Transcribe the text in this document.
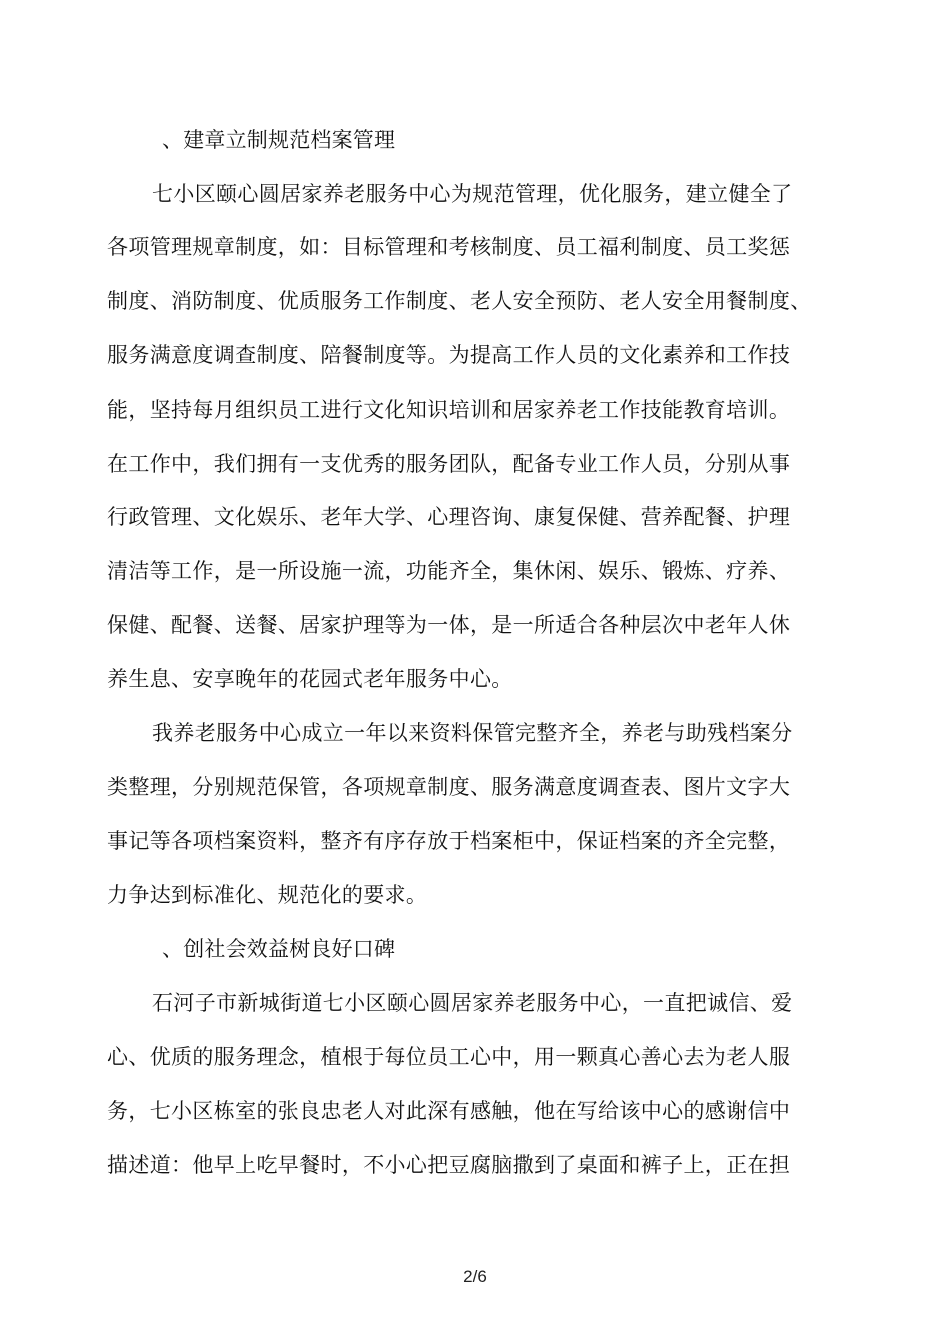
、建章立制规范档案管理
七小区颐心圆居家养老服务中心为规范管理，优化服务，建立健全了
各项管理规章制度，如：目标管理和考核制度、员工福利制度、员工奖惩
制度、消防制度、优质服务工作制度、老人安全预防、老人安全用餐制度、
服务满意度调查制度、陪餐制度等。为提高工作人员的文化素养和工作技
能，坚持每月组织员工进行文化知识培训和居家养老工作技能教育培训。
在工作中，我们拥有一支优秀的服务团队，配备专业工作人员，分别从事
行政管理、文化娱乐、老年大学、心理咨询、康复保健、营养配餐、护理
清洁等工作，是一所设施一流，功能齐全，集休闲、娱乐、锻炼、疗养、
保健、配餐、送餐、居家护理等为一体，是一所适合各种层次中老年人休
养生息、安享晚年的花园式老年服务中心。
我养老服务中心成立一年以来资料保管完整齐全，养老与助残档案分
类整理，分别规范保管，各项规章制度、服务满意度调查表、图片文字大
事记等各项档案资料，整齐有序存放于档案柜中，保证档案的齐全完整，
力争达到标准化、规范化的要求。
、创社会效益树良好口碑
石河子市新城街道七小区颐心圆居家养老服务中心，一直把诚信、爱
心、优质的服务理念，植根于每位员工心中，用一颗真心善心去为老人服
务，七小区栋室的张良忠老人对此深有感触，他在写给该中心的感谢信中
描述道：他早上吃早餐时，不小心把豆腐脑撒到了桌面和裤子上，正在担
2/6
